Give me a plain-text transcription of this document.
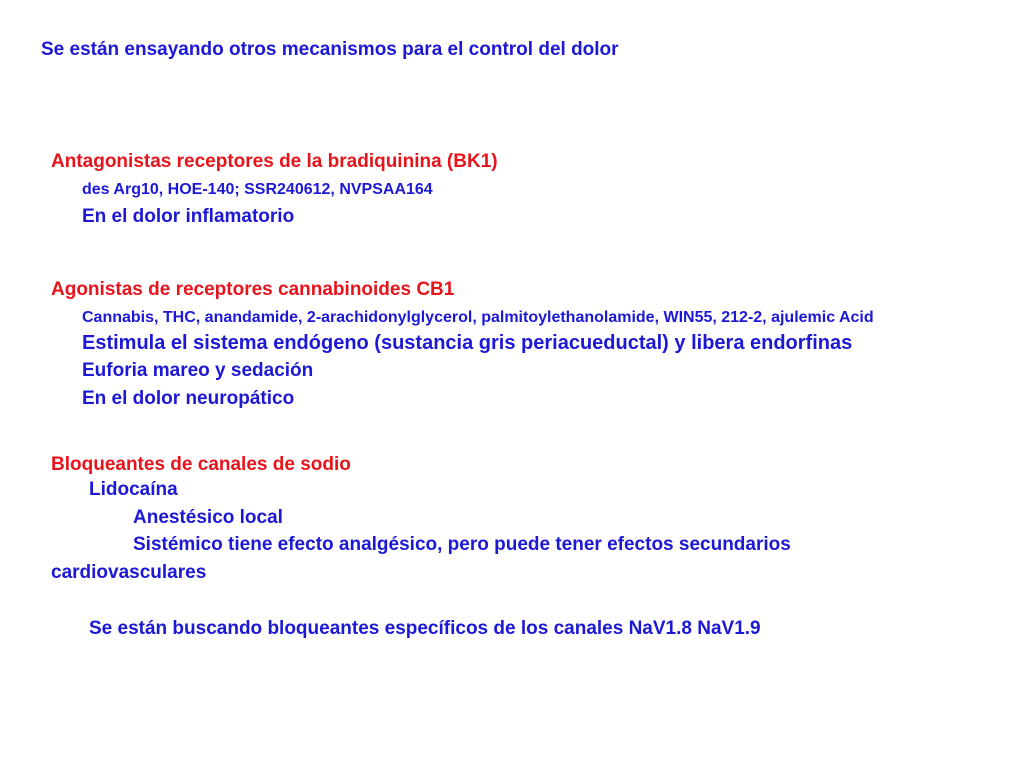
Se están ensayando otros mecanismos para el control del dolor
Antagonistas receptores de la bradiquinina (BK1)
des Arg10, HOE-140; SSR240612, NVPSAA164
En el dolor inflamatorio
Agonistas de receptores cannabinoides CB1
Cannabis, THC, anandamide, 2-arachidonylglycerol, palmitoylethanolamide, WIN55, 212-2, ajulemic Acid
Estimula el sistema endógeno (sustancia gris periacueductal) y libera endorfinas
Euforia mareo y sedación
En el dolor neuropático
Bloqueantes de canales de sodio
Lidocaína
Anestésico local
Sistémico tiene efecto analgésico, pero puede tener efectos secundarios
cardiovasculares
Se están buscando bloqueantes específicos de los canales NaV1.8 NaV1.9
